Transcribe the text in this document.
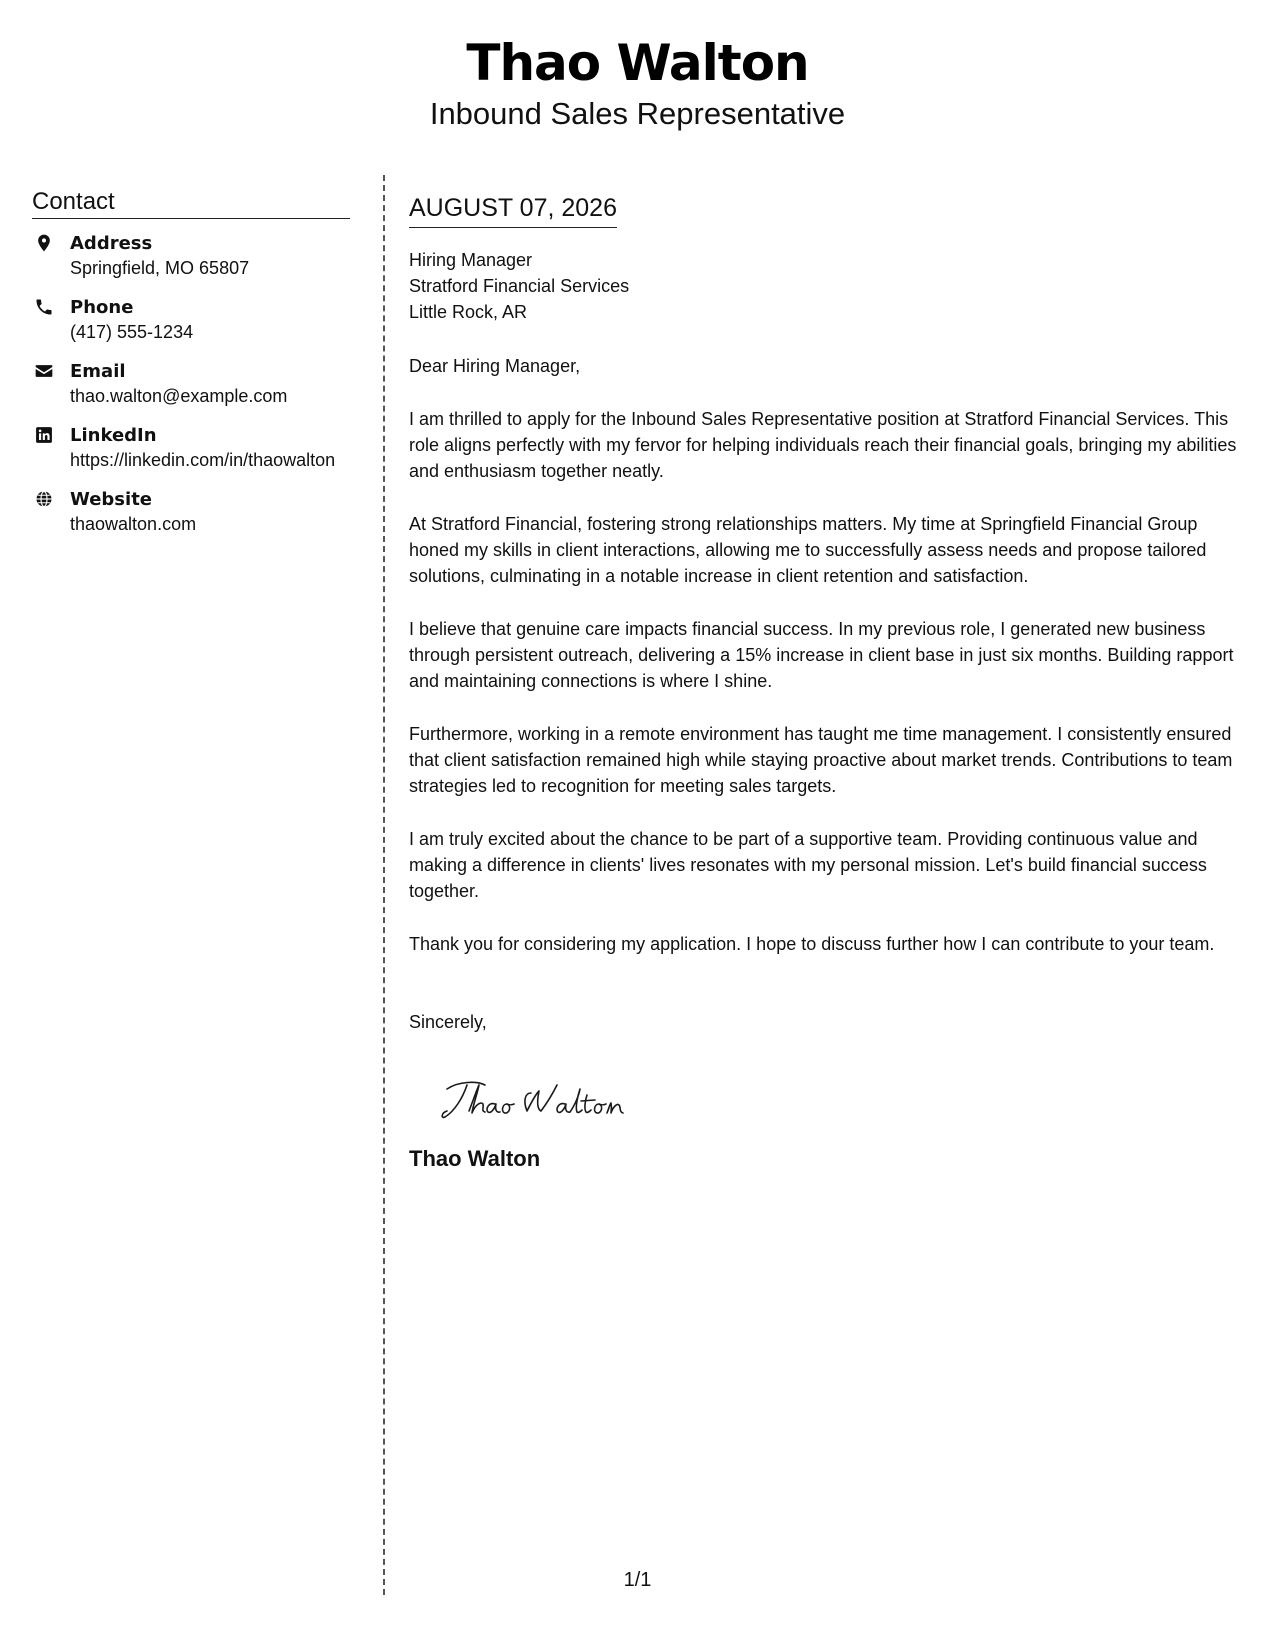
Thao Walton
Inbound Sales Representative
Contact
Address
Springfield, MO 65807
Phone
(417) 555-1234
Email
thao.walton@example.com
LinkedIn
https://linkedin.com/in/thaowalton
Website
thaowalton.com
AUGUST 07, 2026
Hiring Manager
Stratford Financial Services
Little Rock, AR
Dear Hiring Manager,

I am thrilled to apply for the Inbound Sales Representative position at Stratford Financial Services. This role aligns perfectly with my fervor for helping individuals reach their financial goals, bringing my abilities and enthusiasm together neatly.

At Stratford Financial, fostering strong relationships matters. My time at Springfield Financial Group honed my skills in client interactions, allowing me to successfully assess needs and propose tailored solutions, culminating in a notable increase in client retention and satisfaction.

I believe that genuine care impacts financial success. In my previous role, I generated new business through persistent outreach, delivering a 15% increase in client base in just six months. Building rapport and maintaining connections is where I shine.

Furthermore, working in a remote environment has taught me time management. I consistently ensured that client satisfaction remained high while staying proactive about market trends. Contributions to team strategies led to recognition for meeting sales targets.

I am truly excited about the chance to be part of a supportive team. Providing continuous value and making a difference in clients' lives resonates with my personal mission. Let's build financial success together.

Thank you for considering my application. I hope to discuss further how I can contribute to your team.

Sincerely,
Thao Walton
1/1
